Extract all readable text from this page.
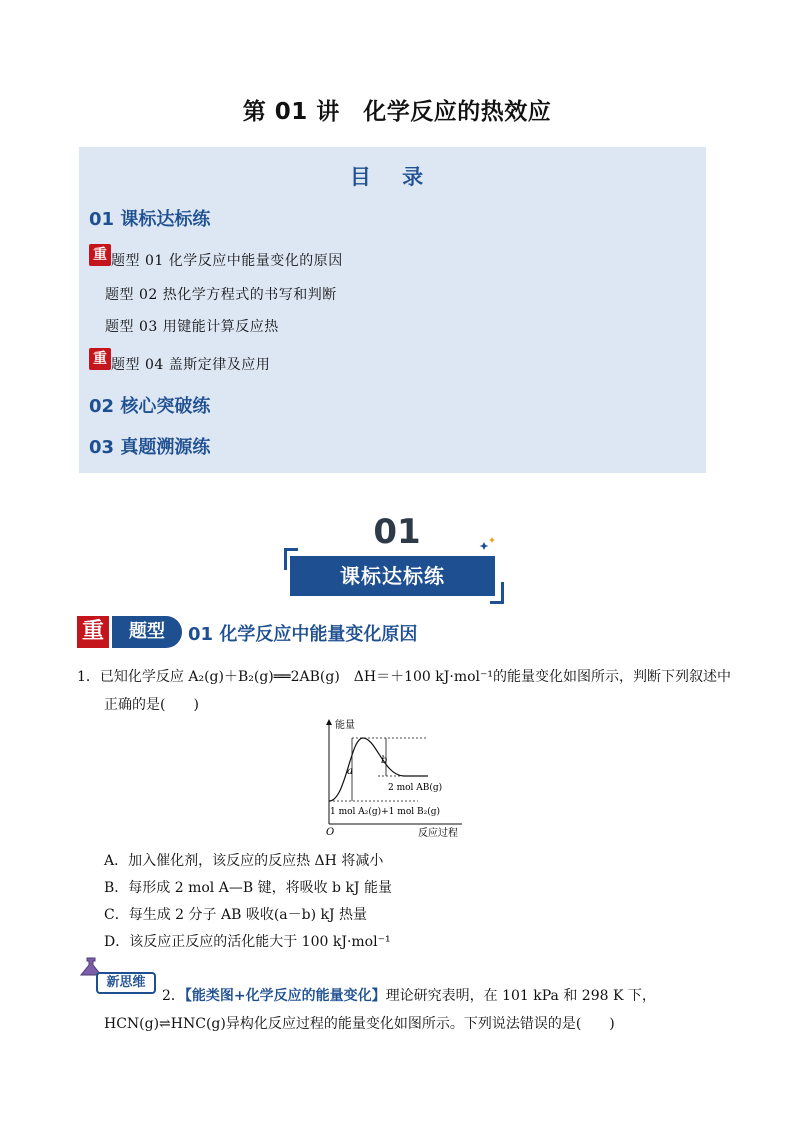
第 01 讲　化学反应的热效应
目 录
01 课标达标练
重 题型 01 化学反应中能量变化的原因
题型 02 热化学方程式的书写和判断
题型 03 用键能计算反应热
重 题型 04 盖斯定律及应用
02 核心突破练
03 真题溯源练
01
课标达标练
重	题型	01 化学反应中能量变化原因
1．已知化学反应 A₂(g)＋B₂(g)══2AB(g)　ΔH＝＋100 kJ·mol⁻¹的能量变化如图所示，判断下列叙述中
正确的是(　　)
能量
反应过程
O
a
b
2 mol AB(g)
1 mol A₂(g)+1 mol B₂(g)
A．加入催化剂，该反应的反应热 ΔH 将减小
B．每形成 2 mol A—B 键，将吸收 b kJ 能量
C．每生成 2 分子 AB 吸收(a－b) kJ 热量
D．该反应正反应的活化能大于 100 kJ·mol⁻¹
新思维
2．【能类图+化学反应的能量变化】理论研究表明，在 101 kPa 和 298 K 下，
HCN(g)⇌HNC(g)异构化反应过程的能量变化如图所示。下列说法错误的是(　　)
